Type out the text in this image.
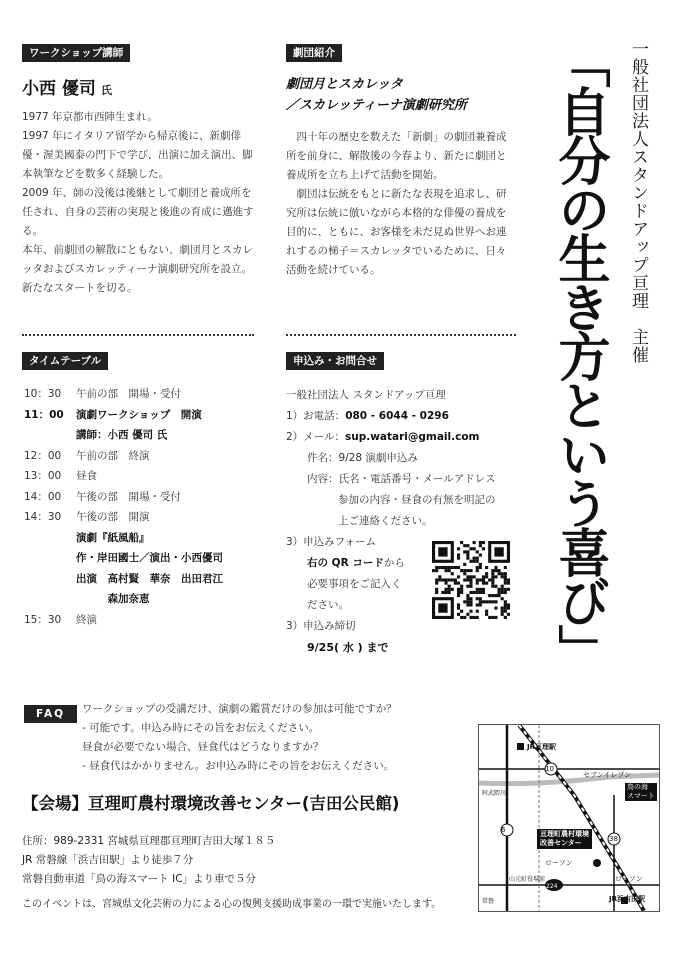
ワークショップ講師
小西 優司 氏
1977 年京都市西陣生まれ。
1997 年にイタリア留学から帰京後に、新劇俳優・渥美國泰の門下で学び、出演に加え演出、脚本執筆などを数多く経験した。
2009 年、師の没後は後継として劇団と養成所を任され、自身の芸術の実現と後進の育成に邁進する。
本年、前劇団の解散にともない、劇団月とスカレッタおよびスカレッティーナ演劇研究所を設立。新たなスタートを切る。
劇団紹介
劇団月とスカレッタ
／スカレッティーナ演劇研究所
四十年の歴史を数えた「新劇」の劇団兼養成所を前身に、解散後の今春より、新たに劇団と養成所を立ち上げて活動を開始。
劇団は伝統をもとに新たな表現を追求し、研究所は伝統に倣いながら本格的な俳優の養成を目的に、ともに、お客様を未だ見ぬ世界へお連れするの梯子＝スカレッタでいるために、日々活動を続けている。	一般社団法人スタンドアップ亘理　主催
「自分の生き方という喜び」
タイムテーブル
10：30 午前の部　開場・受付
11：00 演劇ワークショップ　開演
講師：小西 優司 氏
12：00 午前の部　終演
13：00 昼食
14：00 午後の部　開場・受付
14：30 午後の部　開演
演劇『紙風船』
作・岸田國士／演出・小西優司
出演　高村賢　華奈　出田君江
　　　森加奈恵
15：30 終演
申込み・お問合せ
一般社団法人 スタンドアップ亘理
1）お電話：080 - 6044 - 0296
2）メール：sup.watari@gmail.com
件名：9/28 演劇申込み
内容：氏名・電話番号・メールアドレス
参加の内容・昼食の有無を明記の
上ご連絡ください。
3）申込みフォーム
右の QR コードから
必要事項をご記入く
ださい。
3）申込み締切
9/25( 水 ) まで
FAQ	ワークショップの受講だけ、演劇の鑑賞だけの参加は可能ですか？
- 可能です。申込み時にその旨をお伝えください。
昼食が必要でない場合、昼食代はどうなりますか？
- 昼食代はかかりません。お申込み時にその旨をお伝えください。
【会場】亘理町農村環境改善センター(吉田公民館)
住所：989-2331 宮城県亘理郡亘理町吉田大塚１８５
JR 常磐線「浜吉田駅」より徒歩７分
常磐自動車道「鳥の海スマート IC」より車で５分
このイベントは、宮城県文化芸術の力による心の復興支援助成事業の一環で実施いたします。
JR亘理駅
10
セブンイレブン
鳥の海
スマート
6
38
亘理町農村環境
改善センター
ローソン
ローソン
山元町役場前
224
JR浜吉田駅
阿武隈川
常磐
